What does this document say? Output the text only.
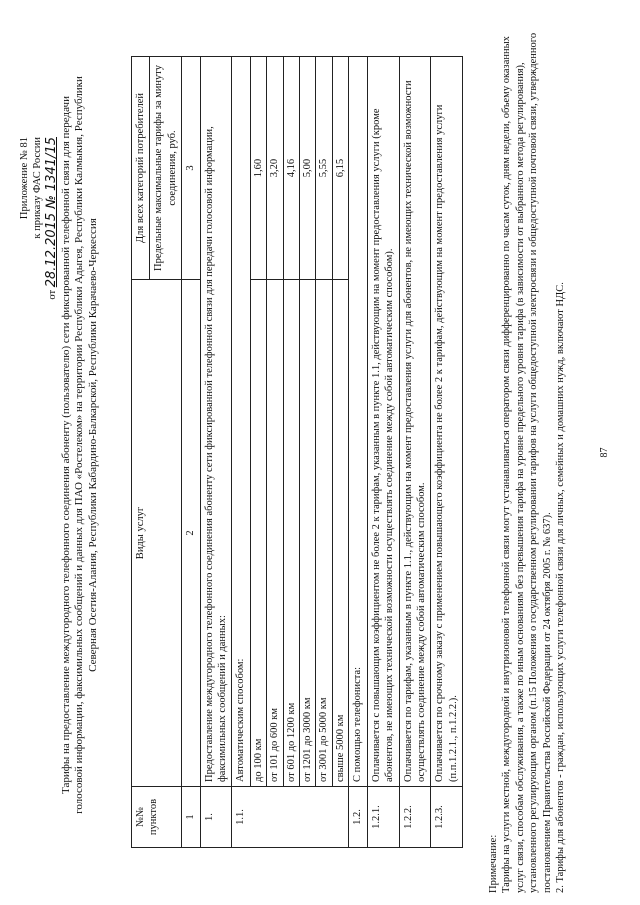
Приложение № 81 к приказу ФАС России
от 28.12.2015 № 1341/15 Тарифы на предоставление междугородного телефонного соединения абоненту (пользователю) сети фиксированной телефонной связи для передачи голосовой информации, факсимильных сообщений и данных для ПАО «Ростелеком» на территории Республики Адыгея, Республики Калмыкия, Республики Северная Осетия-Алания, Республики Кабардино-Балкарской, Республики Карачаево-Черкессия
№№ пунктов	Виды услуг	Для всех категорий потребителей
		Предельные максимальные тарифы за минуту соединения, руб.
1	2	3
1.	Предоставление междугородного телефонного соединения абоненту сети фиксированной телефонной связи для передачи голосовой информации, факсимильных сообщений и данных:	
1.1.	Автоматическим способом:	
	до 100 км	1,60
	от 101 до 600 км	3,20
	от 601 до 1200 км	4,16
	от 1201 до 3000 км	5,00
	от 3001 до 5000 км	5,55
	свыше 5000 км	6,15
1.2.	С помощью телефониста:	
1.2.1.	Оплачивается с повышающим коэффициентом не более 2 к тарифам, указанным в пункте 1.1, действующим на момент предоставления услуги (кроме абонентов, не имеющих технической возможности осуществлять соединение между собой автоматическим способом).	
1.2.2.	Оплачивается по тарифам, указанным в пункте 1.1., действующим на момент предоставления услуги для абонентов, не имеющих технической возможности осуществлять соединение между собой автоматическим способом.	
1.2.3.	Оплачивается по срочному заказу с применением повышающего коэффициента не более 2 к тарифам, действующим на момент предоставления услуги (п.п.1.2.1., п.1.2.2.).	

Примечание: Тарифы на услуги местной, междугородной и внутризоновой телефонной связи могут устанавливаться оператором связи дифференцированно по часам суток, дням недели, объему оказанных услуг связи, способам обслуживания, а также по иным основаниям без превышения тарифа на уровне предельного уровня тарифа (в зависимости от выбранного метода регулирования), установленного регулирующим органом (п.15 Положения о государственном регулировании тарифов на услуги общедоступной электросвязи и общедоступной почтовой связи, утвержденного постановлением Правительства Российской Федерации от 24 октября 2005 г. № 637). 2. Тарифы для абонентов - граждан, использующих услуги телефонной связи для личных, семейных и домашних нужд, включают НДС.	87
